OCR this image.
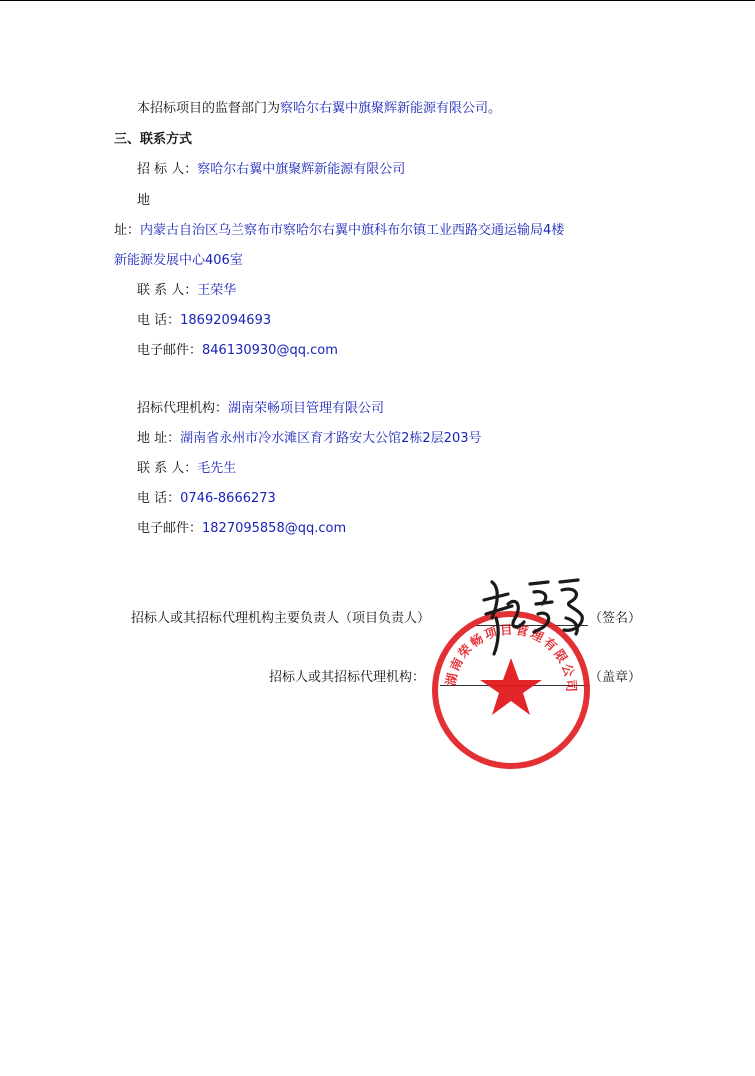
本招标项目的监督部门为察哈尔右翼中旗聚辉新能源有限公司。
三、联系方式
招 标 人：察哈尔右翼中旗聚辉新能源有限公司
地
址：内蒙古自治区乌兰察布市察哈尔右翼中旗科布尔镇工业西路交通运输局4楼
新能源发展中心406室
联 系 人：王荣华
电 话：18692094693
电子邮件：846130930@qq.com
招标代理机构：湖南荣畅项目管理有限公司
地 址：湖南省永州市冷水滩区育才路安大公馆2栋2层203号
联 系 人：毛先生
电 话：0746-8666273
电子邮件：1827095858@qq.com
招标人或其招标代理机构主要负责人（项目负责人）	（签名）
招标人或其招标代理机构：	（盖章）
湖南荣畅项目管理有限公司
